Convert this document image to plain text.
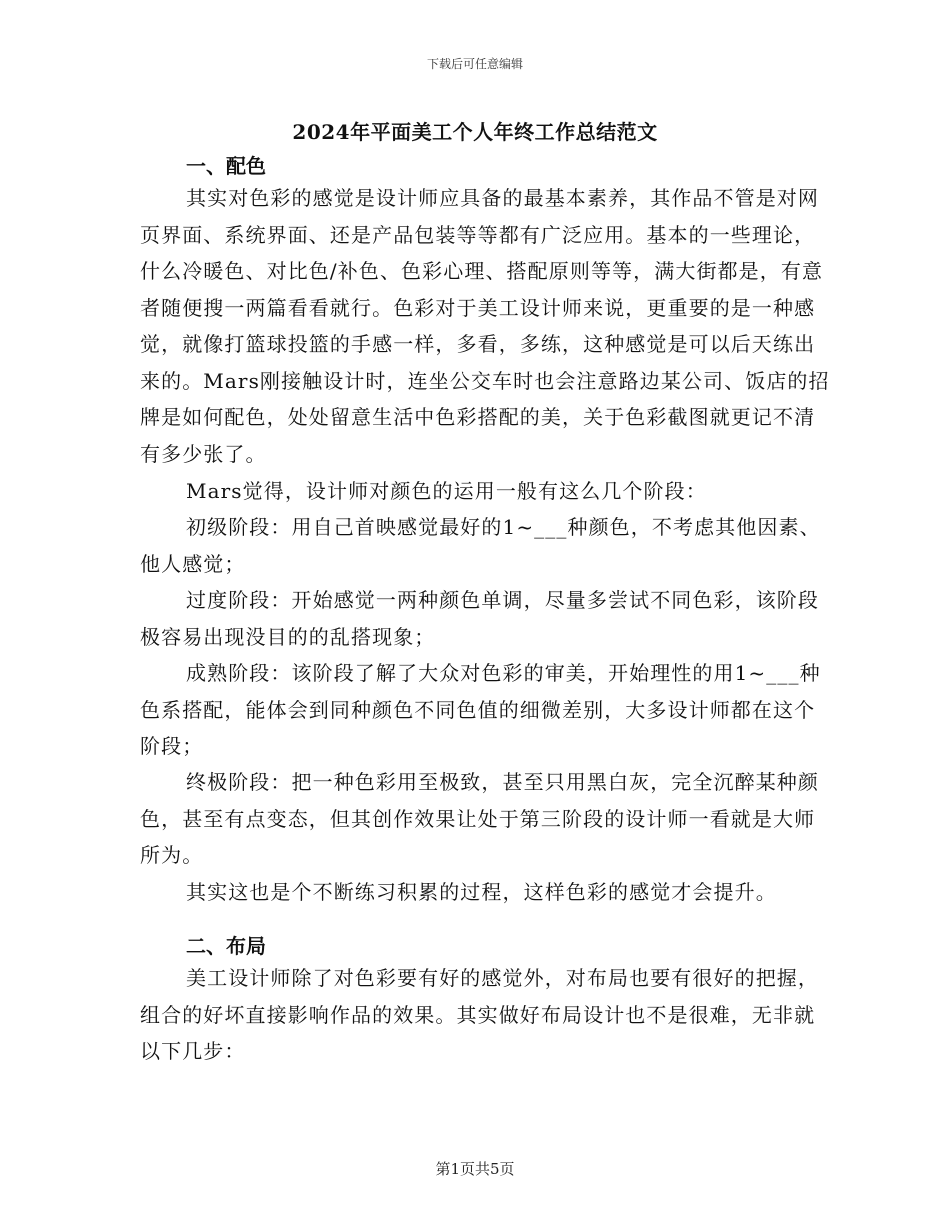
下载后可任意编辑
2024年平面美工个人年终工作总结范文
一、配色

其实对色彩的感觉是设计师应具备的最基本素养，其作品不管是对网页界面、系统界面、还是产品包装等等都有广泛应用。基本的一些理论，什么冷暖色、对比色/补色、色彩心理、搭配原则等等，满大街都是，有意者随便搜一两篇看看就行。色彩对于美工设计师来说，更重要的是一种感觉，就像打篮球投篮的手感一样，多看，多练，这种感觉是可以后天练出来的。Mars刚接触设计时，连坐公交车时也会注意路边某公司、饭店的招牌是如何配色，处处留意生活中色彩搭配的美，关于色彩截图就更记不清有多少张了。

Mars觉得，设计师对颜色的运用一般有这么几个阶段：

初级阶段：用自己首映感觉最好的1~___种颜色，不考虑其他因素、他人感觉；

过度阶段：开始感觉一两种颜色单调，尽量多尝试不同色彩，该阶段极容易出现没目的的乱搭现象；

成熟阶段：该阶段了解了大众对色彩的审美，开始理性的用1~___种色系搭配，能体会到同种颜色不同色值的细微差别，大多设计师都在这个阶段；

终极阶段：把一种色彩用至极致，甚至只用黑白灰，完全沉醉某种颜色，甚至有点变态，但其创作效果让处于第三阶段的设计师一看就是大师所为。

其实这也是个不断练习积累的过程，这样色彩的感觉才会提升。

二、布局

美工设计师除了对色彩要有好的感觉外，对布局也要有很好的把握，组合的好坏直接影响作品的效果。其实做好布局设计也不是很难，无非就以下几步：

第1页共5页
